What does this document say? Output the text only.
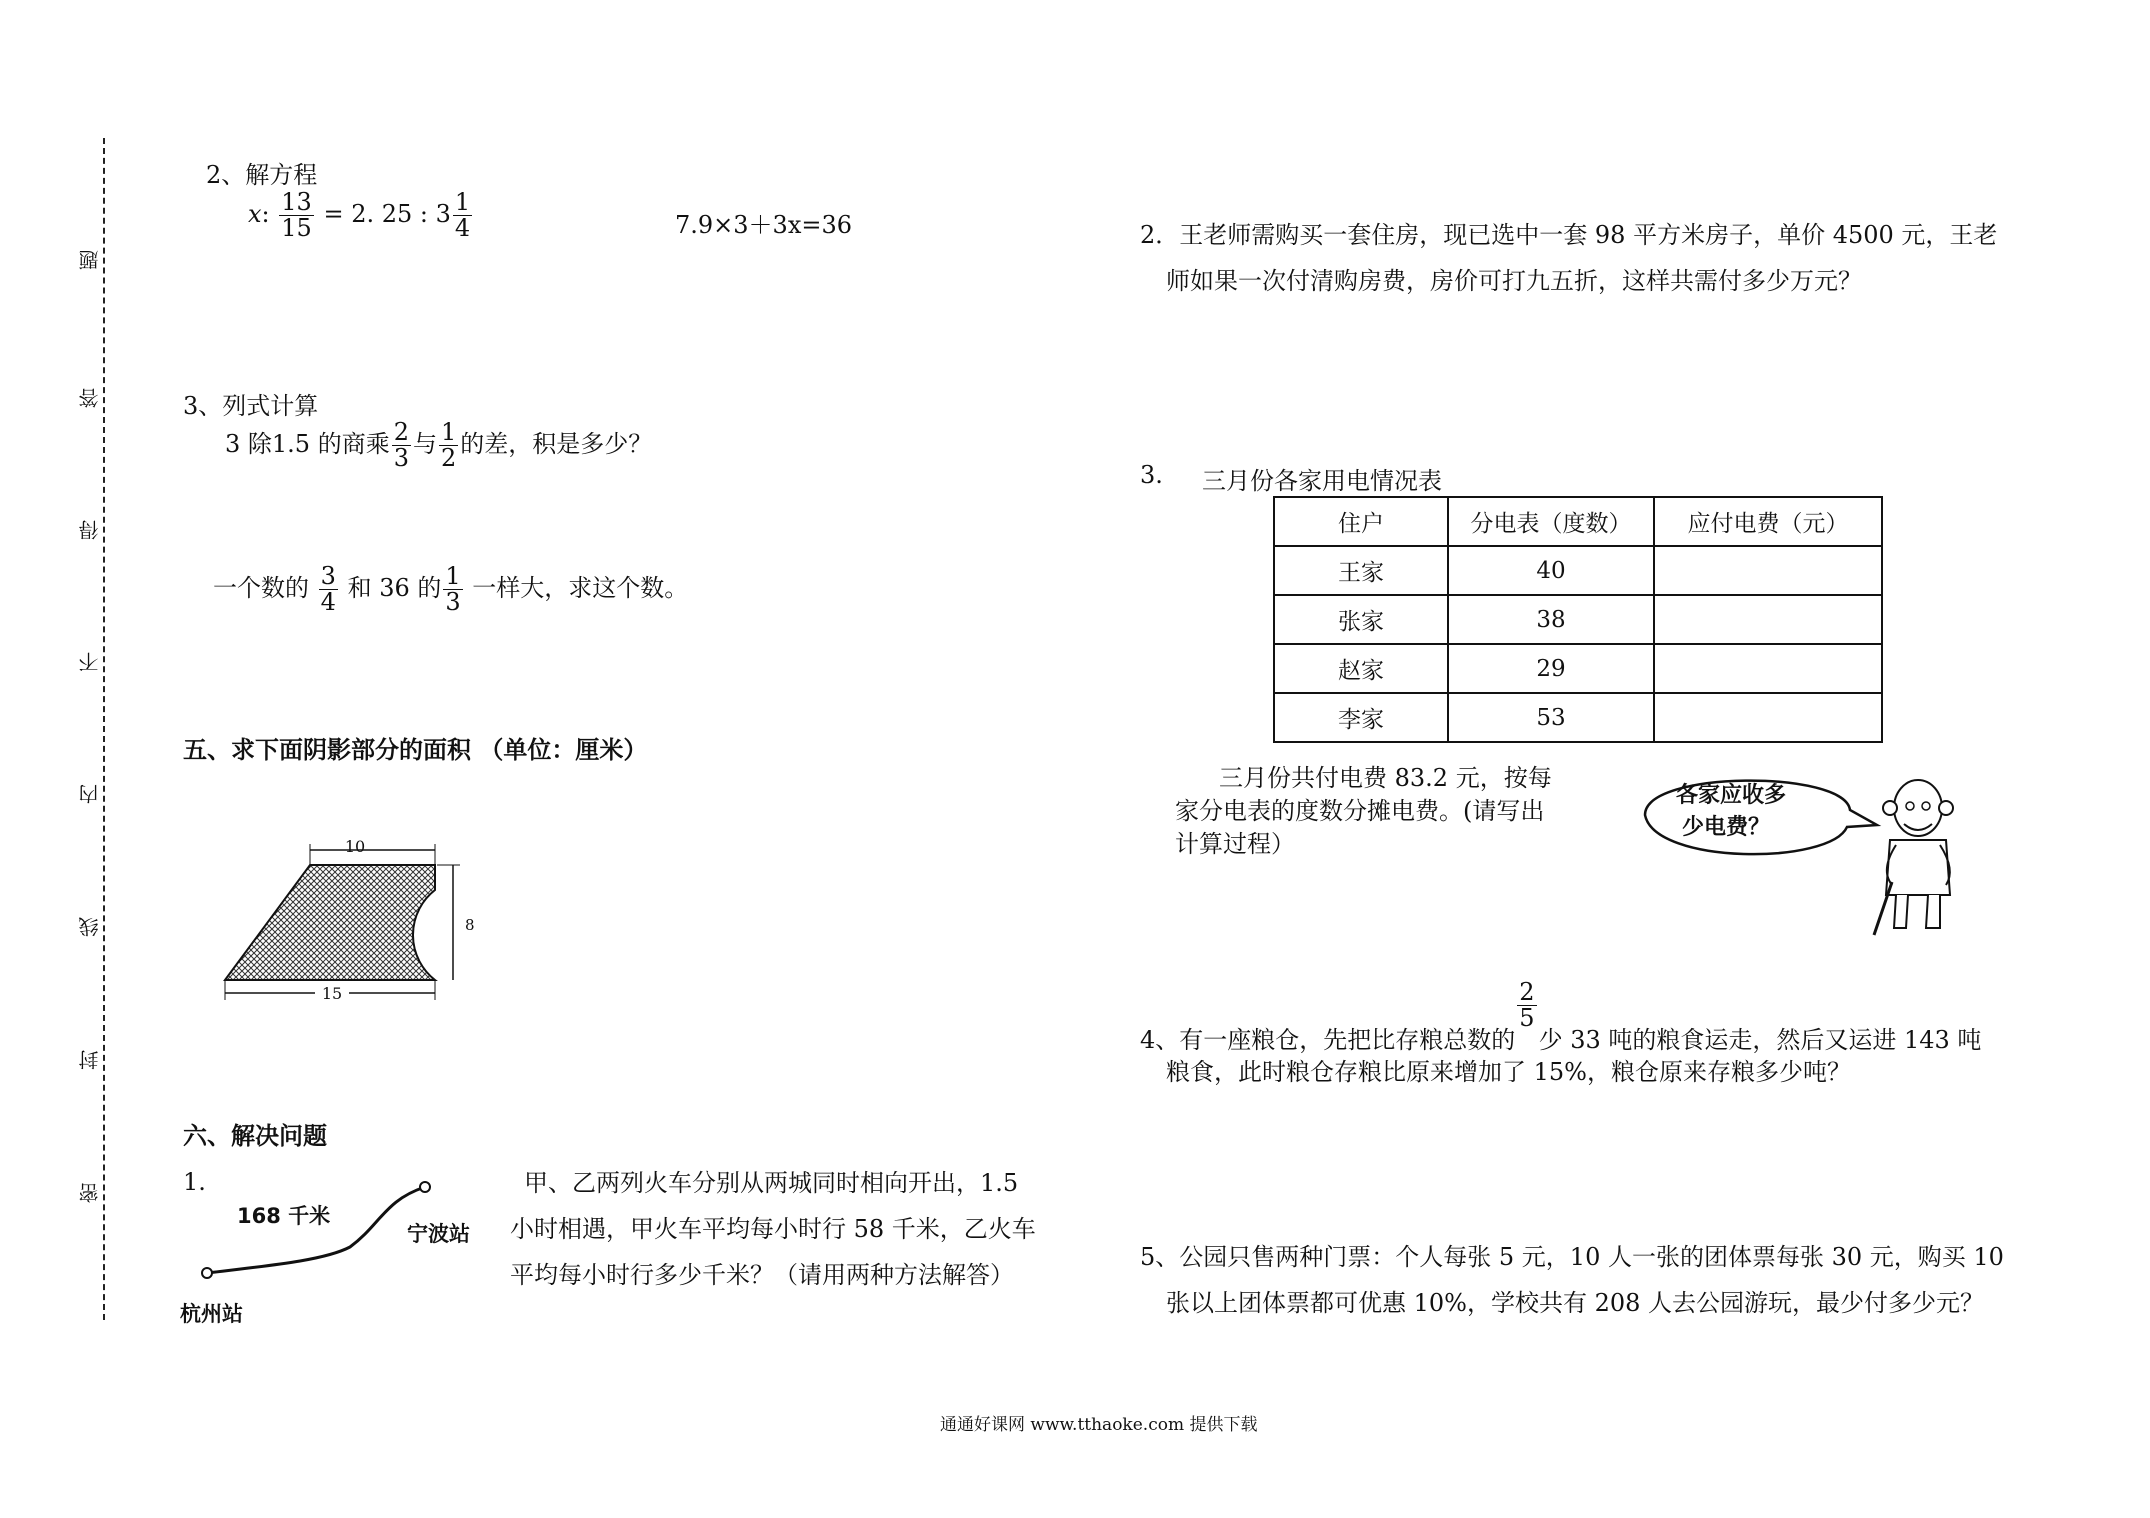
题
答
得
不
内
线
封
密
2、解方程
x: $\frac{13}{15} = 2$. 25 : $3 \frac{1}{4}$	7.9×3＋3x=36
3、列式计算
3 除1.5 的商乘 $\frac{2}{3}$ 与 $\frac{1}{2}$ 的差，积是多少？
一个数的 $\frac{3}{4}$ 和 36 的 $\frac{1}{3}$ 一样大，求这个数。
五、求下面阴影部分的面积 （单位：厘米）
10
8
15
六、解决问题
1.
168 千米
宁波站
杭州站
甲、乙两列火车分别从两城同时相向开出，1.5
小时相遇，甲火车平均每小时行 58 千米，乙火车
平均每小时行多少千米？（请用两种方法解答）
2．王老师需购买一套住房，现已选中一套 98 平方米房子，单价 4500 元，王老
师如果一次付清购房费，房价可打九五折，这样共需付多少万元？
3. 三月份各家用电情况表
住户	分电表（度数）	应付电费（元）
王家	40	
张家	38	
赵家	29	
李家	53	
三月份共付电费 83.2 元，按每
家分电表的度数分摊电费。(请写出
计算过程）
各家应收多
少电费？
4、有一座粮仓，先把比存粮总数的
$\frac{2}{5}$
少 33 吨的粮食运走，然后又运进 143 吨
粮食，此时粮仓存粮比原来增加了 15%，粮仓原来存粮多少吨？
5、公园只售两种门票：个人每张 5 元，10 人一张的团体票每张 30 元，购买 10
张以上团体票都可优惠 10%，学校共有 208 人去公园游玩，最少付多少元？
通通好课网 www.tthaoke.com 提供下载
